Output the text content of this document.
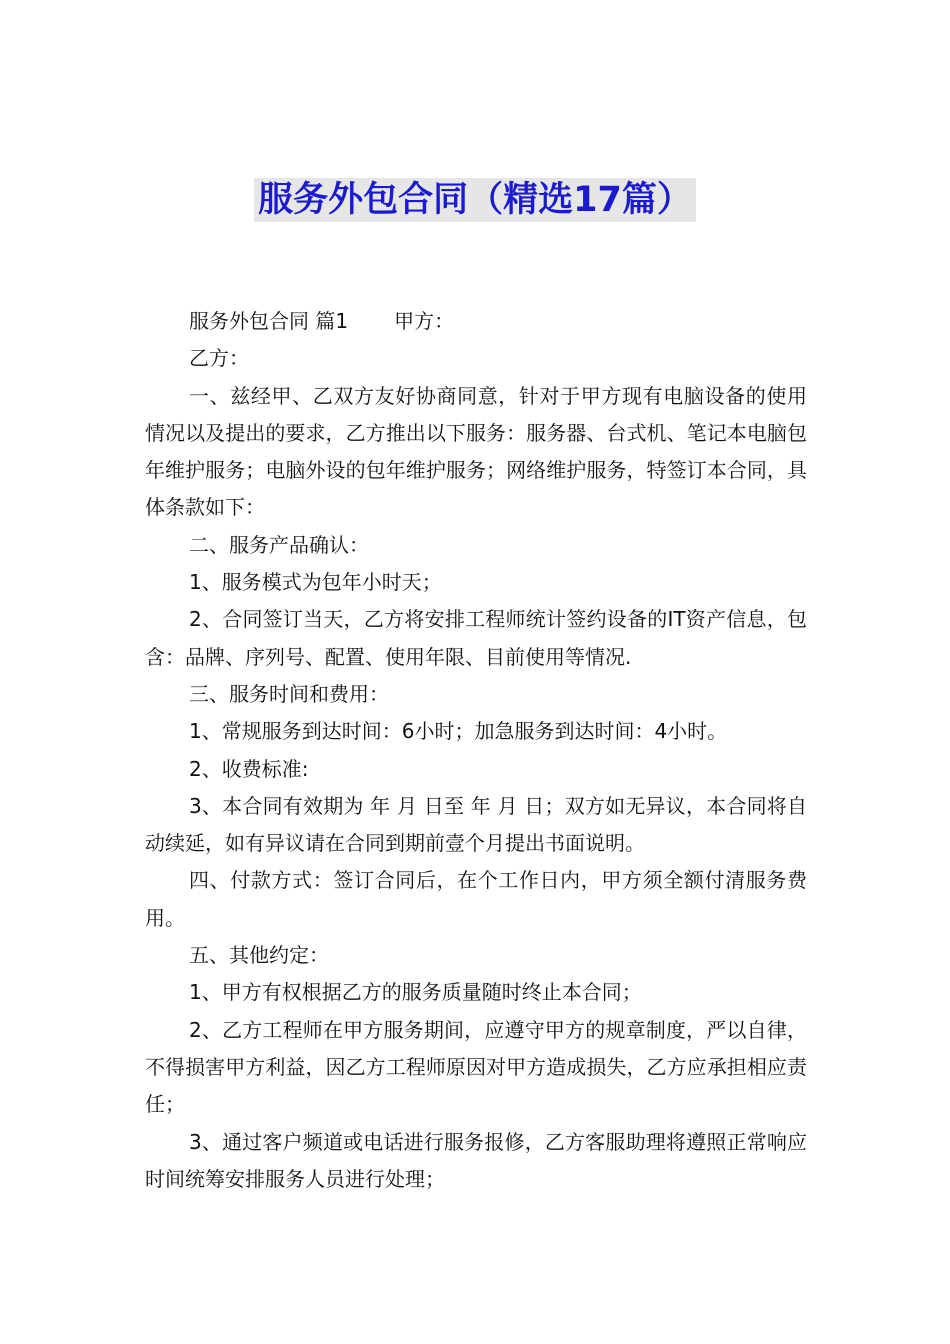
服务外包合同（精选17篇）

服务外包合同 篇1 甲方：

乙方：

一、兹经甲、乙双方友好协商同意，针对于甲方现有电脑设备的使用情况以及提出的要求，乙方推出以下服务：服务器、台式机、笔记本电脑包年维护服务；电脑外设的包年维护服务；网络维护服务，特签订本合同，具体条款如下：

二、服务产品确认：

1、服务模式为包年小时天；

2、合同签订当天，乙方将安排工程师统计签约设备的IT资产信息，包含：品牌、序列号、配置、使用年限、目前使用等情况.

三、服务时间和费用：

1、常规服务到达时间：6小时；加急服务到达时间：4小时。

2、收费标准:

3、本合同有效期为 年 月 日至 年 月 日；双方如无异议，本合同将自动续延，如有异议请在合同到期前壹个月提出书面说明。

四、付款方式：签订合同后，在个工作日内，甲方须全额付清服务费用。

五、其他约定：

1、甲方有权根据乙方的服务质量随时终止本合同；

2、乙方工程师在甲方服务期间，应遵守甲方的规章制度，严以自律，不得损害甲方利益，因乙方工程师原因对甲方造成损失，乙方应承担相应责任；

3、通过客户频道或电话进行服务报修，乙方客服助理将遵照正常响应时间统筹安排服务人员进行处理；
